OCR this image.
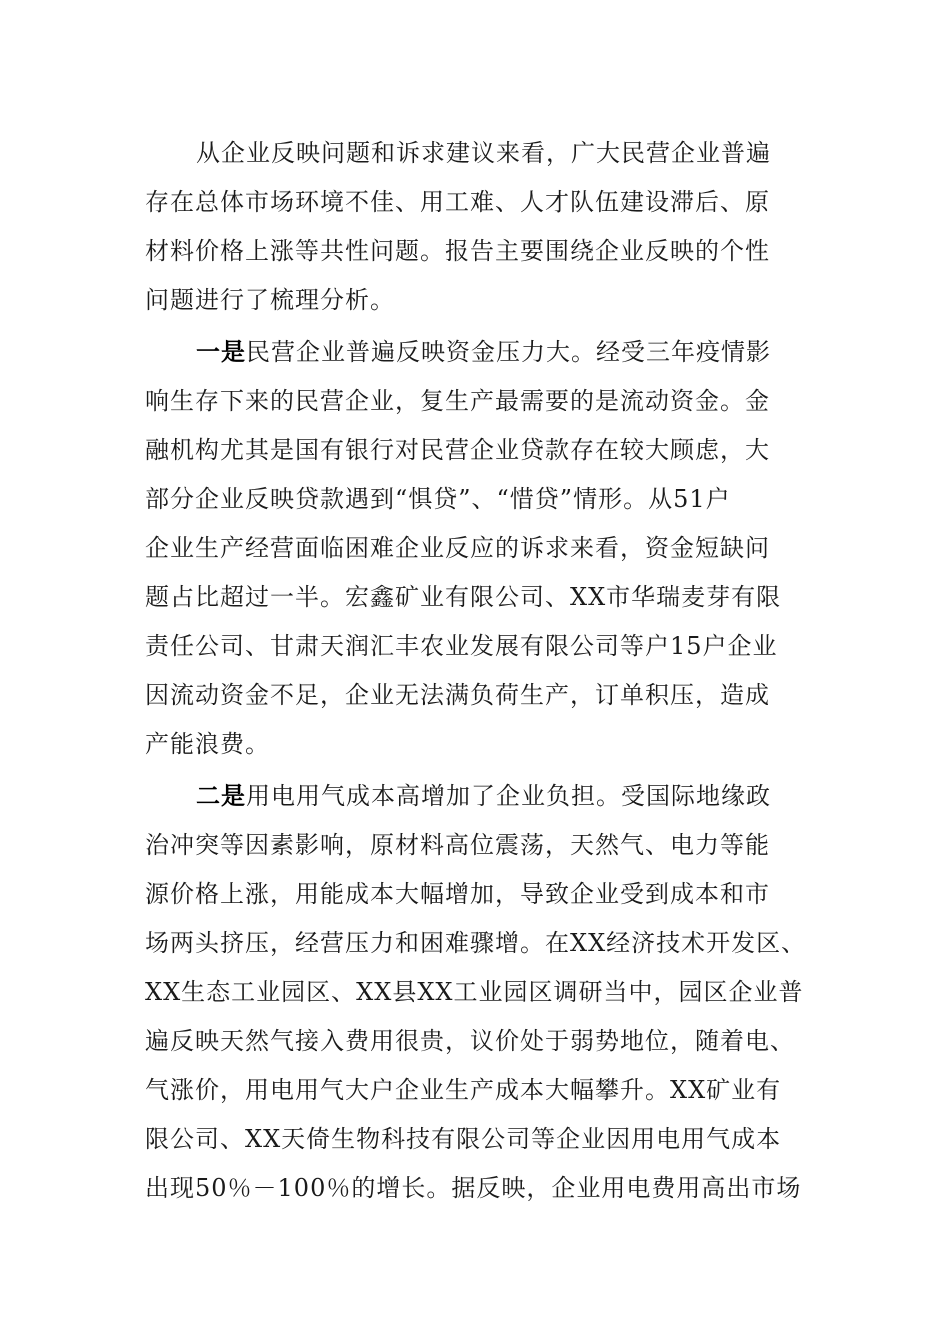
从企业反映问题和诉求建议来看，广大民营企业普遍
存在总体市场环境不佳、用工难、人才队伍建设滞后、原
材料价格上涨等共性问题。报告主要围绕企业反映的个性
问题进行了梳理分析。
一是民营企业普遍反映资金压力大。经受三年疫情影
响生存下来的民营企业，复生产最需要的是流动资金。金
融机构尤其是国有银行对民营企业贷款存在较大顾虑，大
部分企业反映贷款遇到“惧贷”、“惜贷”情形。从51户
企业生产经营面临困难企业反应的诉求来看，资金短缺问
题占比超过一半。宏鑫矿业有限公司、XX市华瑞麦芽有限
责任公司、甘肃天润汇丰农业发展有限公司等户15户企业
因流动资金不足，企业无法满负荷生产，订单积压，造成
产能浪费。
二是用电用气成本高增加了企业负担。受国际地缘政
治冲突等因素影响，原材料高位震荡，天然气、电力等能
源价格上涨，用能成本大幅增加，导致企业受到成本和市
场两头挤压，经营压力和困难骤增。在XX经济技术开发区、
XX生态工业园区、XX县XX工业园区调研当中，园区企业普
遍反映天然气接入费用很贵，议价处于弱势地位，随着电、
气涨价，用电用气大户企业生产成本大幅攀升。XX矿业有
限公司、XX天倚生物科技有限公司等企业因用电用气成本
出现50％－100％的增长。据反映，企业用电费用高出市场
